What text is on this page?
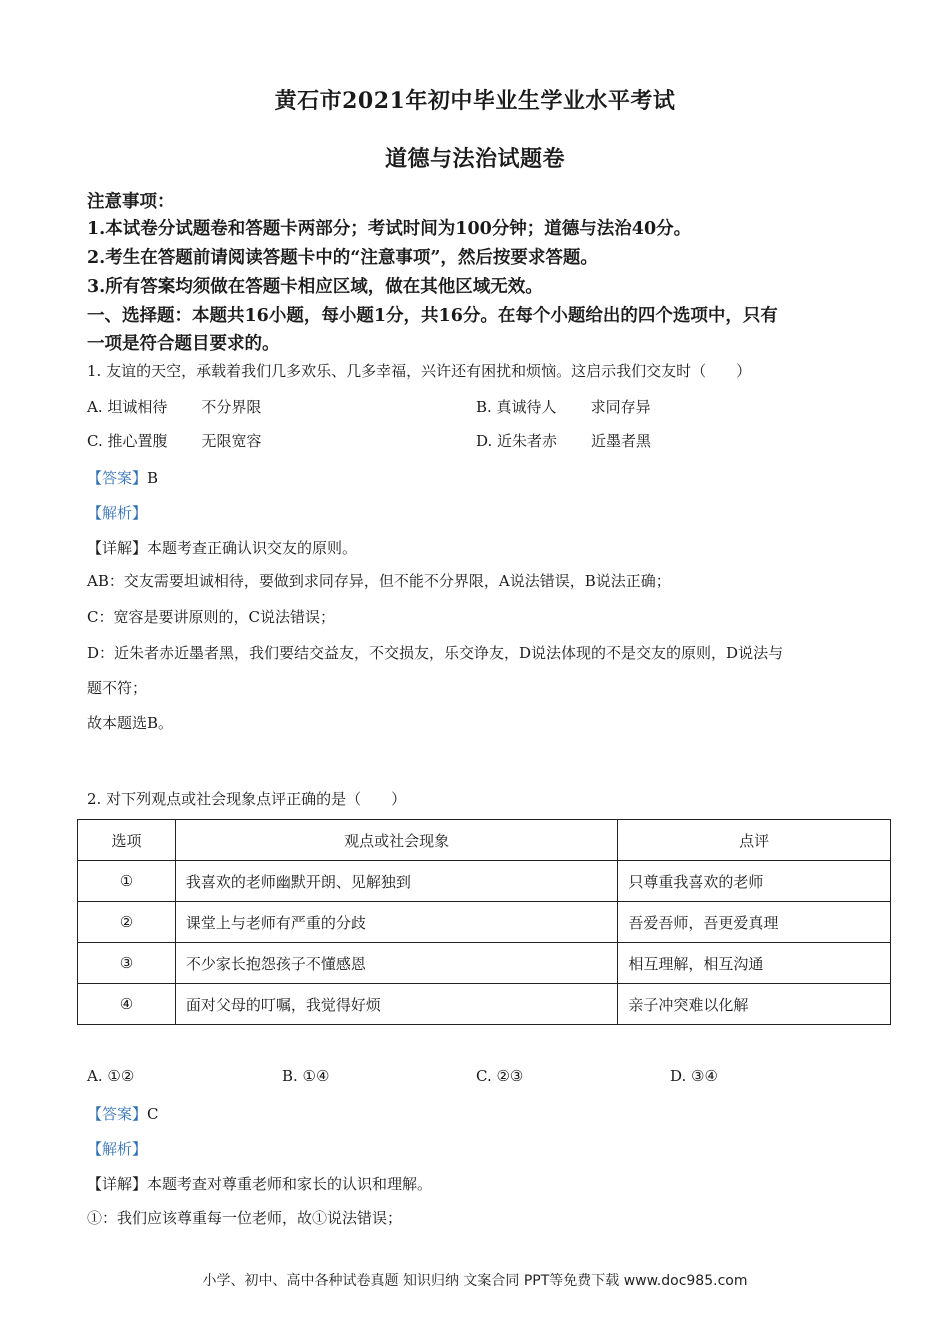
黄石市2021年初中毕业生学业水平考试
道德与法治试题卷
注意事项：
1.本试卷分试题卷和答题卡两部分；考试时间为100分钟；道德与法治40分。
2.考生在答题前请阅读答题卡中的“注意事项”，然后按要求答题。
3.所有答案均须做在答题卡相应区域，做在其他区域无效。
一、选择题：本题共16小题，每小题1分，共16分。在每个小题给出的四个选项中，只有
一项是符合题目要求的。
1. 友谊的天空，承载着我们几多欢乐、几多幸福，兴许还有困扰和烦恼。这启示我们交友时（　　）
A. 坦诚相待 不分界限	B. 真诚待人 求同存异
C. 推心置腹 无限宽容	D. 近朱者赤 近墨者黑
【答案】B
【解析】
【详解】本题考查正确认识交友的原则。
AB：交友需要坦诚相待，要做到求同存异，但不能不分界限，A说法错误，B说法正确；
C：宽容是要讲原则的，C说法错误；
D：近朱者赤近墨者黑，我们要结交益友，不交损友，乐交诤友，D说法体现的不是交友的原则，D说法与
题不符；
故本题选B。
2. 对下列观点或社会现象点评正确的是（　　）
选项	观点或社会现象	点评
①	我喜欢的老师幽默开朗、见解独到	只尊重我喜欢的老师
②	课堂上与老师有严重的分歧	吾爱吾师，吾更爱真理
③	不少家长抱怨孩子不懂感恩	相互理解，相互沟通
④	面对父母的叮嘱，我觉得好烦	亲子冲突难以化解
A. ①②	B. ①④	C. ②③	D. ③④
【答案】C
【解析】
【详解】本题考查对尊重老师和家长的认识和理解。
①：我们应该尊重每一位老师，故①说法错误；
小学、初中、高中各种试卷真题 知识归纳 文案合同 PPT等免费下载 www.doc985.com
